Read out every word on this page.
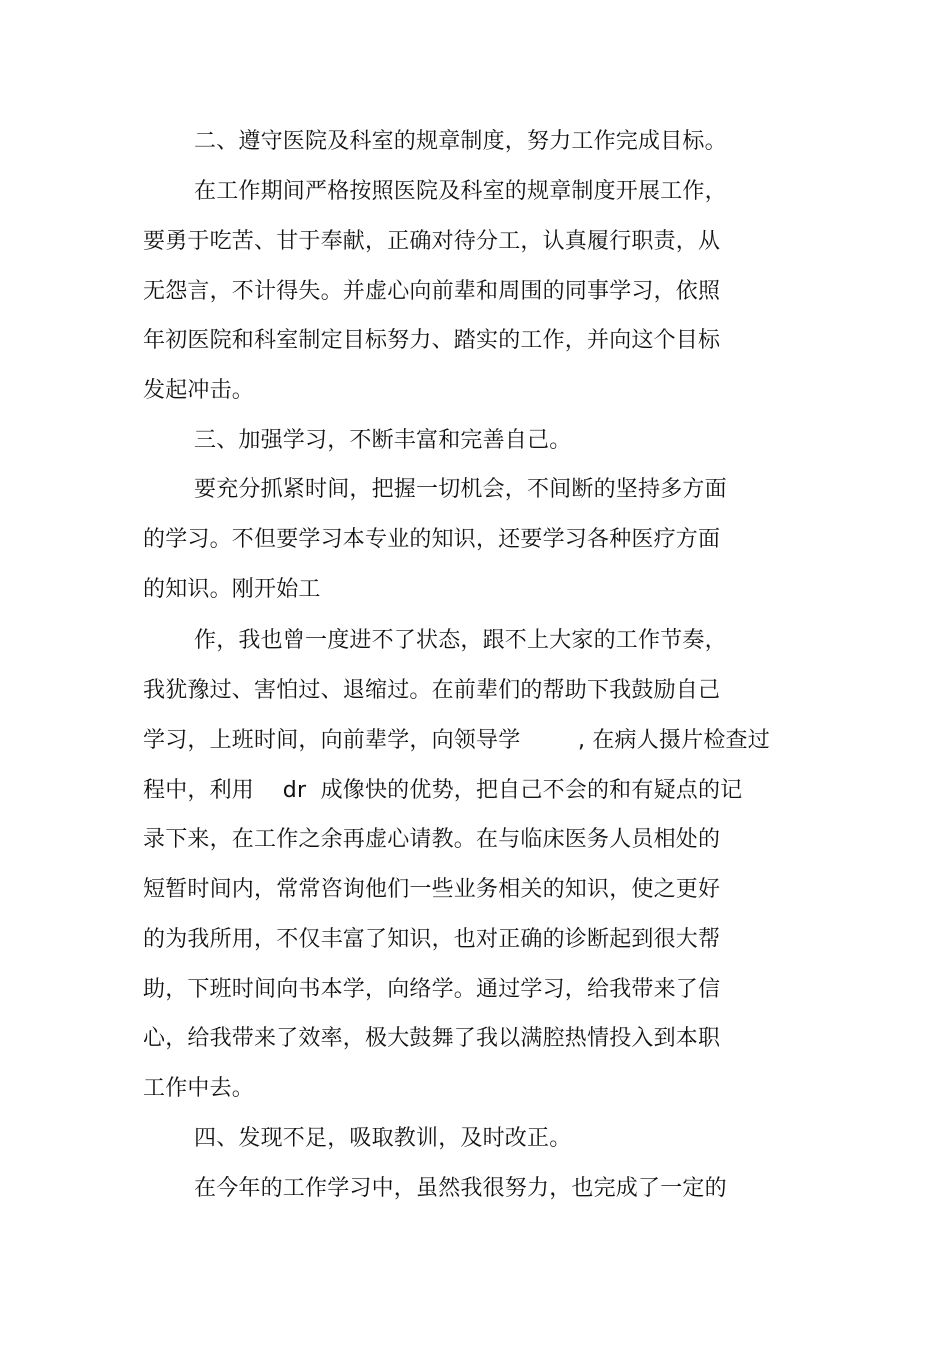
二、遵守医院及科室的规章制度，努力工作完成目标。
在工作期间严格按照医院及科室的规章制度开展工作，
要勇于吃苦、甘于奉献，正确对待分工，认真履行职责，从
无怨言，不计得失。并虚心向前辈和周围的同事学习，依照
年初医院和科室制定目标努力、踏实的工作，并向这个目标
发起冲击。
三、加强学习，不断丰富和完善自己。
要充分抓紧时间，把握一切机会，不间断的坚持多方面
的学习。不但要学习本专业的知识，还要学习各种医疗方面
的知识。刚开始工
作，我也曾一度进不了状态，跟不上大家的工作节奏，
我犹豫过、害怕过、退缩过。在前辈们的帮助下我鼓励自己
学习，上班时间，向前辈学，向领导学        , 在病人摄片检查过
程中，利用    dr  成像快的优势，把自己不会的和有疑点的记
录下来，在工作之余再虚心请教。在与临床医务人员相处的
短暂时间内，常常咨询他们一些业务相关的知识，使之更好
的为我所用，不仅丰富了知识，也对正确的诊断起到很大帮
助，下班时间向书本学，向络学。通过学习，给我带来了信
心，给我带来了效率，极大鼓舞了我以满腔热情投入到本职
工作中去。
四、发现不足，吸取教训，及时改正。
在今年的工作学习中，虽然我很努力，也完成了一定的
